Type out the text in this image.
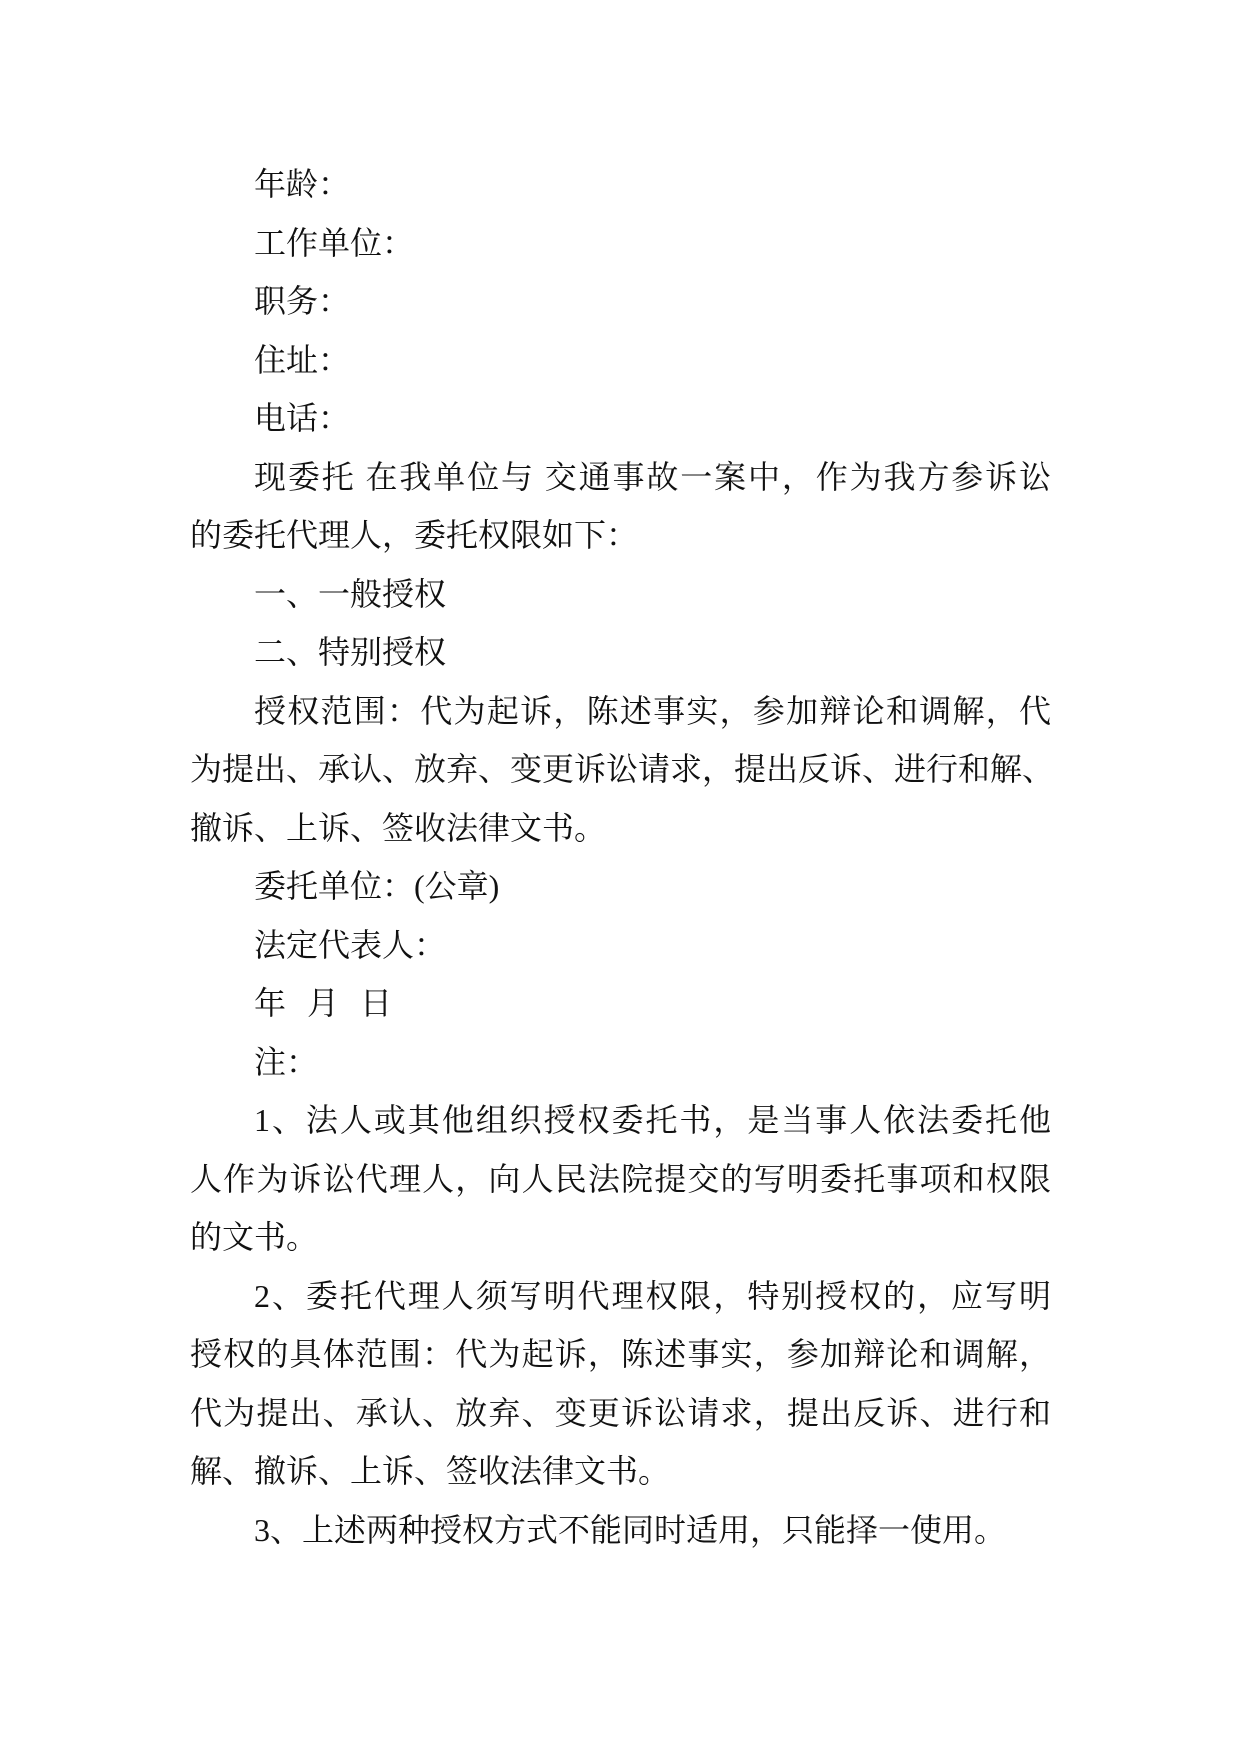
年龄：
工作单位：
职务：
住址：
电话：
现委托 在我单位与 交通事故一案中，作为我方参诉讼
的委托代理人，委托权限如下：
一、一般授权
二、特别授权
授权范围：代为起诉，陈述事实，参加辩论和调解，代
为提出、承认、放弃、变更诉讼请求，提出反诉、进行和解、
撤诉、上诉、签收法律文书。
委托单位：(公章)
法定代表人：
年 月 日
注：
1、法人或其他组织授权委托书，是当事人依法委托他
人作为诉讼代理人，向人民法院提交的写明委托事项和权限
的文书。
2、委托代理人须写明代理权限，特别授权的，应写明
授权的具体范围：代为起诉，陈述事实，参加辩论和调解，
代为提出、承认、放弃、变更诉讼请求，提出反诉、进行和
解、撤诉、上诉、签收法律文书。
3、上述两种授权方式不能同时适用，只能择一使用。
